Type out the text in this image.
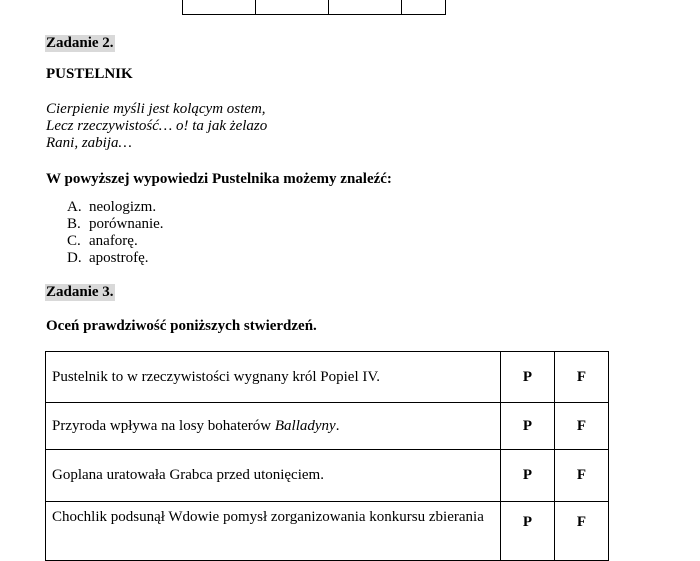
Zadanie 2.
PUSTELNIK
Cierpienie myśli jest kolącym ostem,
Lecz rzeczywistość… o! ta jak żelazo
Rani, zabija…
W powyższej wypowiedzi Pustelnika możemy znaleźć:
A. neologizm.
B. porównanie.
C. anaforę.
D. apostrofę.
Zadanie 3.
Oceń prawdziwość poniższych stwierdzeń.
Pustelnik to w rzeczywistości wygnany król Popiel IV.	P	F
Przyroda wpływa na losy bohaterów Balladyny.	P	F
Goplana uratowała Grabca przed utonięciem.	P	F
Chochlik podsunął Wdowie pomysł zorganizowania konkursu zbierania	P	F
